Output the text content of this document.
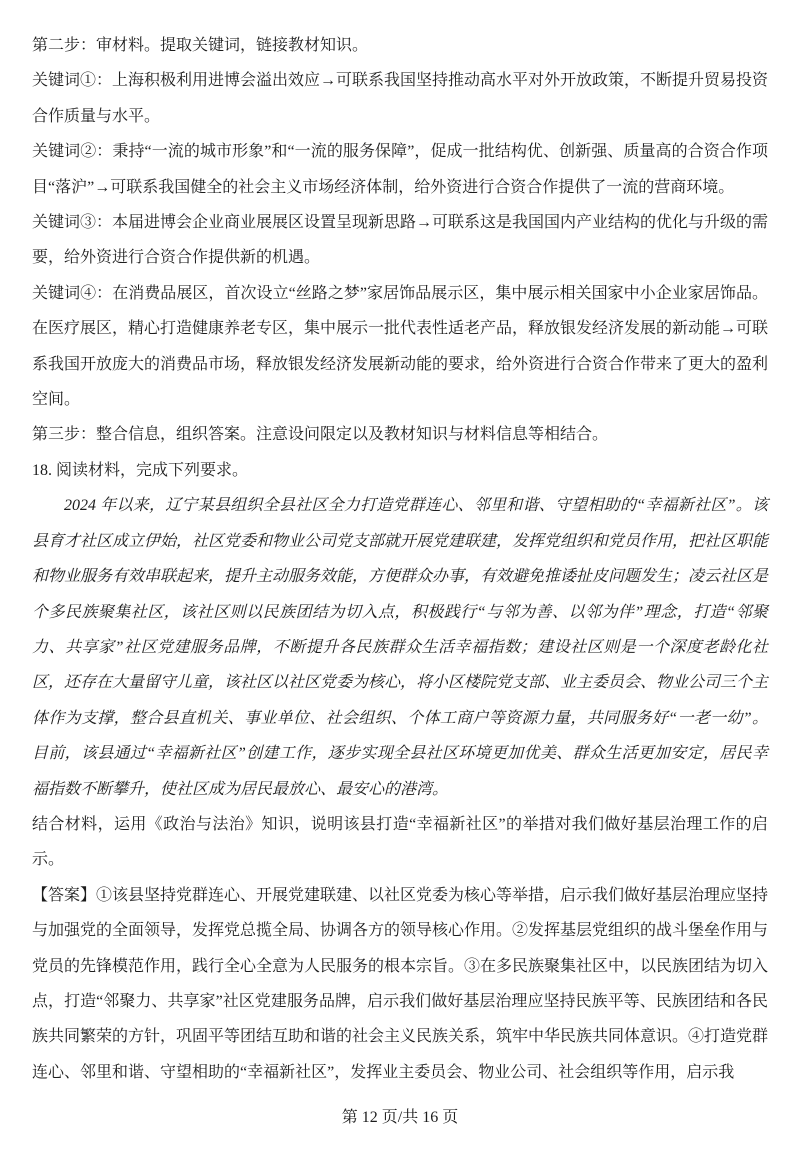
第二步：审材料。提取关键词，链接教材知识。

关键词①：上海积极利用进博会溢出效应→可联系我国坚持推动高水平对外开放政策，不断提升贸易投资合作质量与水平。

关键词②：秉持“一流的城市形象”和“一流的服务保障”，促成一批结构优、创新强、质量高的合资合作项目“落沪”→可联系我国健全的社会主义市场经济体制，给外资进行合资合作提供了一流的营商环境。

关键词③：本届进博会企业商业展展区设置呈现新思路→可联系这是我国国内产业结构的优化与升级的需要，给外资进行合资合作提供新的机遇。

关键词④：在消费品展区，首次设立“丝路之梦”家居饰品展示区，集中展示相关国家中小企业家居饰品。在医疗展区，精心打造健康养老专区，集中展示一批代表性适老产品，释放银发经济发展的新动能→可联系我国开放庞大的消费品市场，释放银发经济发展新动能的要求，给外资进行合资合作带来了更大的盈利空间。

第三步：整合信息，组织答案。注意设问限定以及教材知识与材料信息等相结合。

18. 阅读材料，完成下列要求。

2024 年以来，辽宁某县组织全县社区全力打造党群连心、邻里和谐、守望相助的“幸福新社区”。该县育才社区成立伊始，社区党委和物业公司党支部就开展党建联建，发挥党组织和党员作用，把社区职能和物业服务有效串联起来，提升主动服务效能，方便群众办事，有效避免推诿扯皮问题发生；凌云社区是个多民族聚集社区，该社区则以民族团结为切入点，积极践行“与邻为善、以邻为伴”理念，打造“邻聚力、共享家”社区党建服务品牌，不断提升各民族群众生活幸福指数；建设社区则是一个深度老龄化社区，还存在大量留守儿童，该社区以社区党委为核心，将小区楼院党支部、业主委员会、物业公司三个主体作为支撑，整合县直机关、事业单位、社会组织、个体工商户等资源力量，共同服务好“一老一幼”。目前，该县通过“幸福新社区”创建工作，逐步实现全县社区环境更加优美、群众生活更加安定，居民幸福指数不断攀升，使社区成为居民最放心、最安心的港湾。

结合材料，运用《政治与法治》知识，说明该县打造“幸福新社区”的举措对我们做好基层治理工作的启示。

【答案】①该县坚持党群连心、开展党建联建、以社区党委为核心等举措，启示我们做好基层治理应坚持与加强党的全面领导，发挥党总揽全局、协调各方的领导核心作用。②发挥基层党组织的战斗堡垒作用与党员的先锋模范作用，践行全心全意为人民服务的根本宗旨。③在多民族聚集社区中，以民族团结为切入点，打造“邻聚力、共享家”社区党建服务品牌，启示我们做好基层治理应坚持民族平等、民族团结和各民族共同繁荣的方针，巩固平等团结互助和谐的社会主义民族关系，筑牢中华民族共同体意识。④打造党群连心、邻里和谐、守望相助的“幸福新社区”，发挥业主委员会、物业公司、社会组织等作用，启示我

第 12 页/共 16 页
